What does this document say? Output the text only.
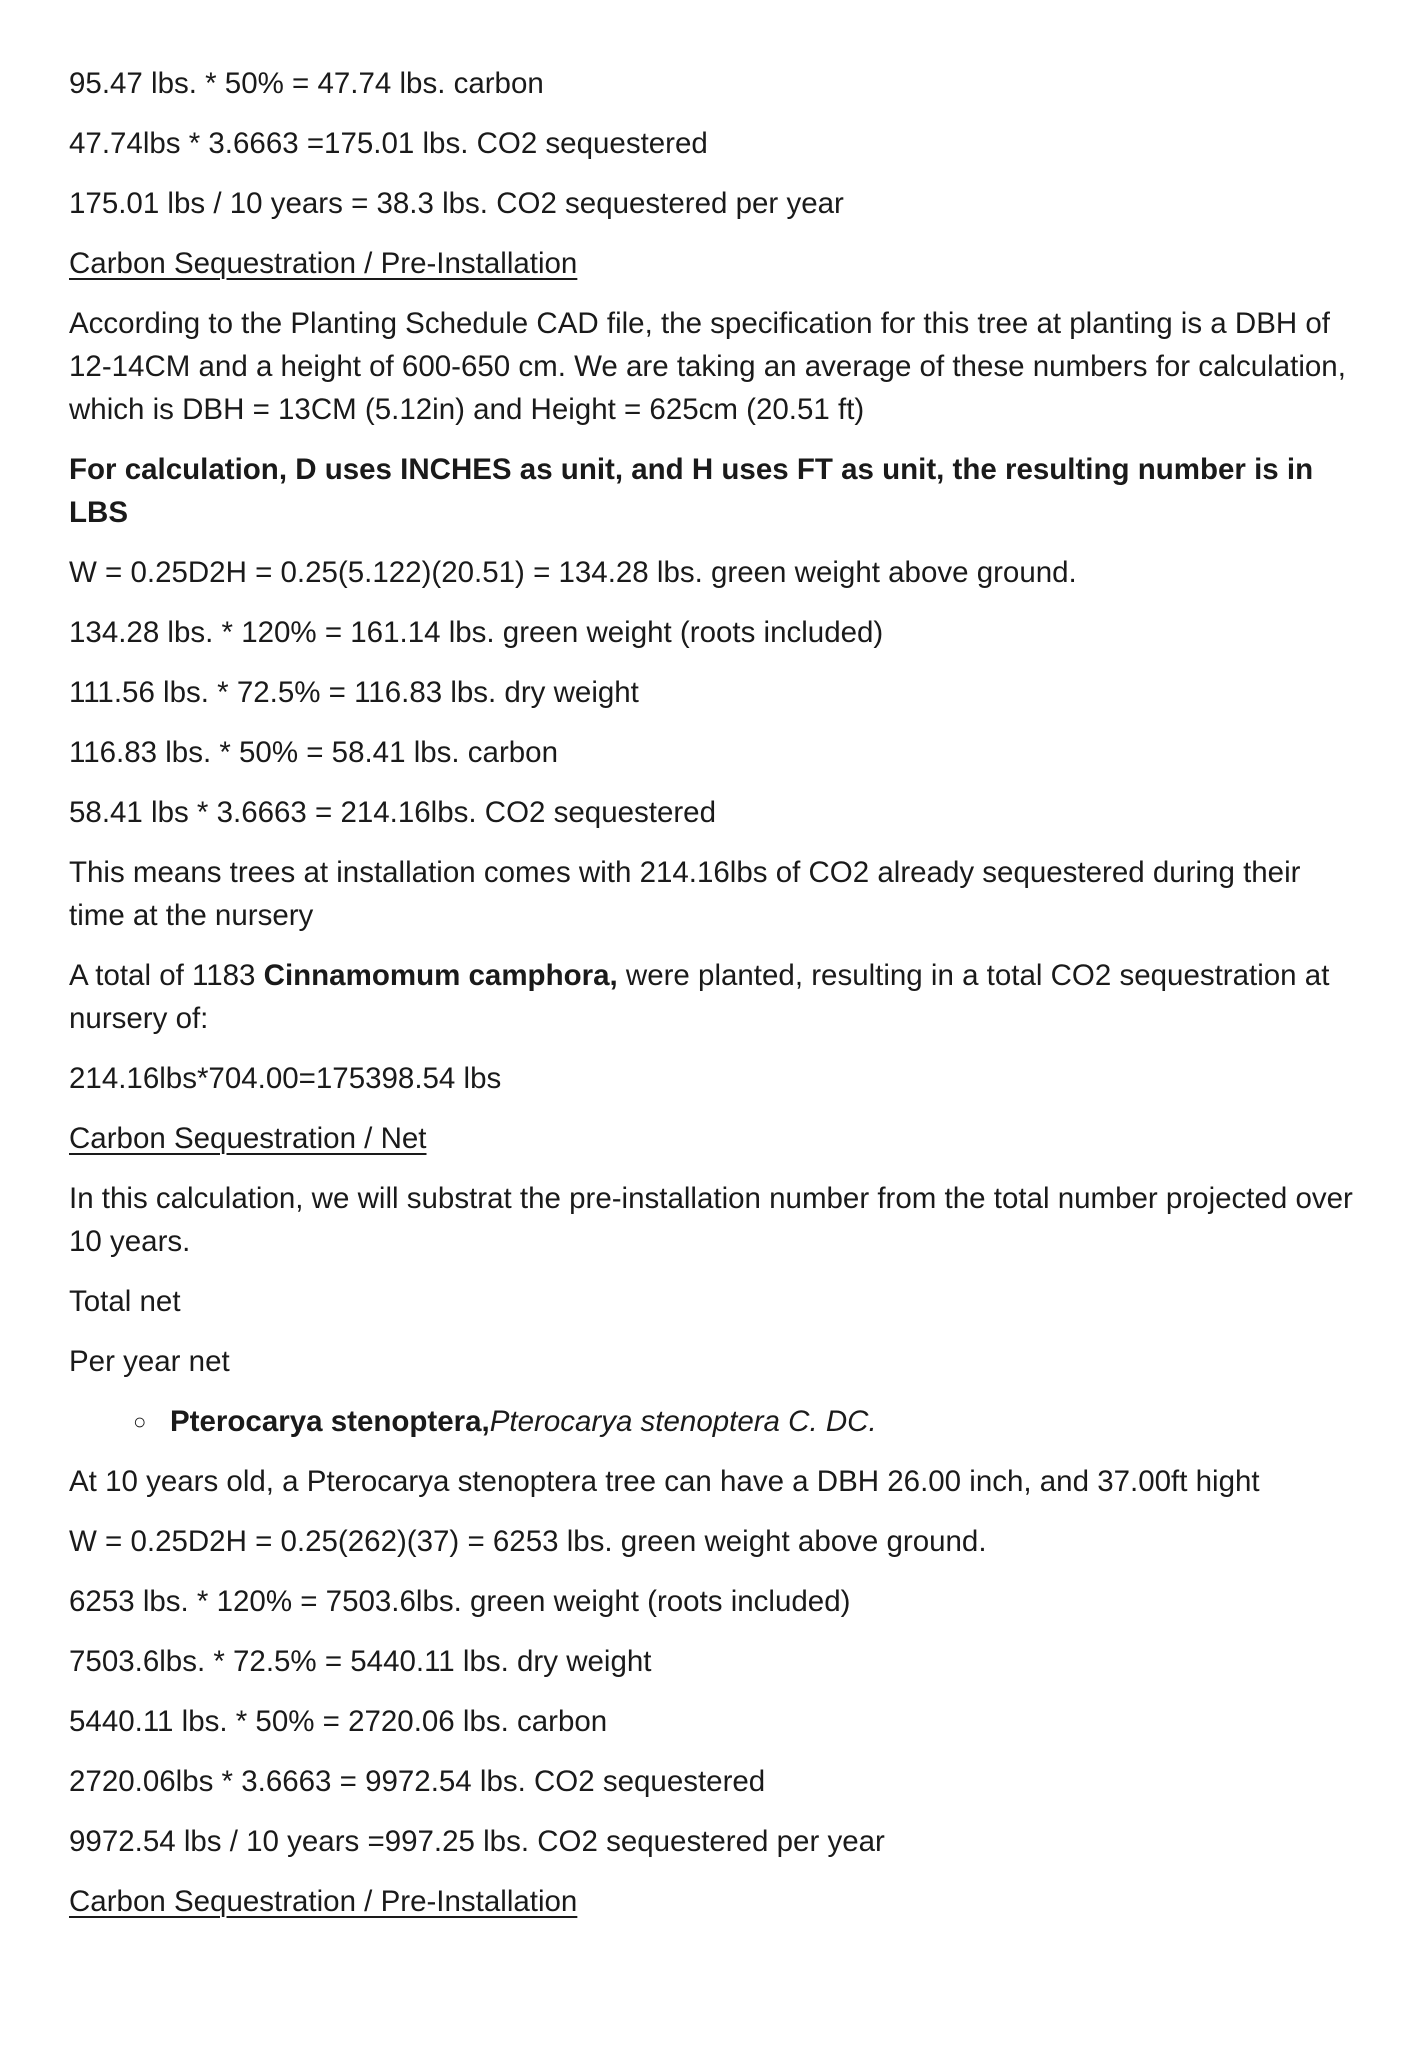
95.47 lbs. * 50% = 47.74 lbs. carbon
47.74lbs * 3.6663 =175.01 lbs. CO2 sequestered
175.01 lbs / 10 years = 38.3 lbs. CO2 sequestered per year
Carbon Sequestration / Pre-Installation
According to the Planting Schedule CAD file, the specification for this tree at planting is a DBH of 12-14CM and a height of 600-650 cm. We are taking an average of these numbers for calculation, which is DBH = 13CM (5.12in) and Height = 625cm (20.51 ft)
For calculation, D uses INCHES as unit, and H uses FT as unit, the resulting number is in LBS
W = 0.25D2H = 0.25(5.122)(20.51) = 134.28 lbs. green weight above ground.
134.28 lbs. * 120% = 161.14 lbs. green weight (roots included)
111.56 lbs. * 72.5% = 116.83 lbs. dry weight
116.83 lbs. * 50% = 58.41 lbs. carbon
58.41 lbs * 3.6663 = 214.16lbs. CO2 sequestered
This means trees at installation comes with 214.16lbs of CO2 already sequestered during their time at the nursery
A total of 1183 Cinnamomum camphora, were planted, resulting in a total CO2 sequestration at nursery of:
214.16lbs*704.00=175398.54 lbs
Carbon Sequestration / Net
In this calculation, we will substrat the pre-installation number from the total number projected over 10 years.
Total net
Per year net
○ Pterocarya stenoptera,Pterocarya stenoptera C. DC.
At 10 years old, a Pterocarya stenoptera tree can have a DBH 26.00 inch, and 37.00ft hight
W = 0.25D2H = 0.25(262)(37) = 6253 lbs. green weight above ground.
6253 lbs. * 120% = 7503.6lbs. green weight (roots included)
7503.6lbs. * 72.5% = 5440.11 lbs. dry weight
5440.11 lbs. * 50% = 2720.06 lbs. carbon
2720.06lbs * 3.6663 = 9972.54 lbs. CO2 sequestered
9972.54 lbs / 10 years =997.25 lbs. CO2 sequestered per year
Carbon Sequestration / Pre-Installation
